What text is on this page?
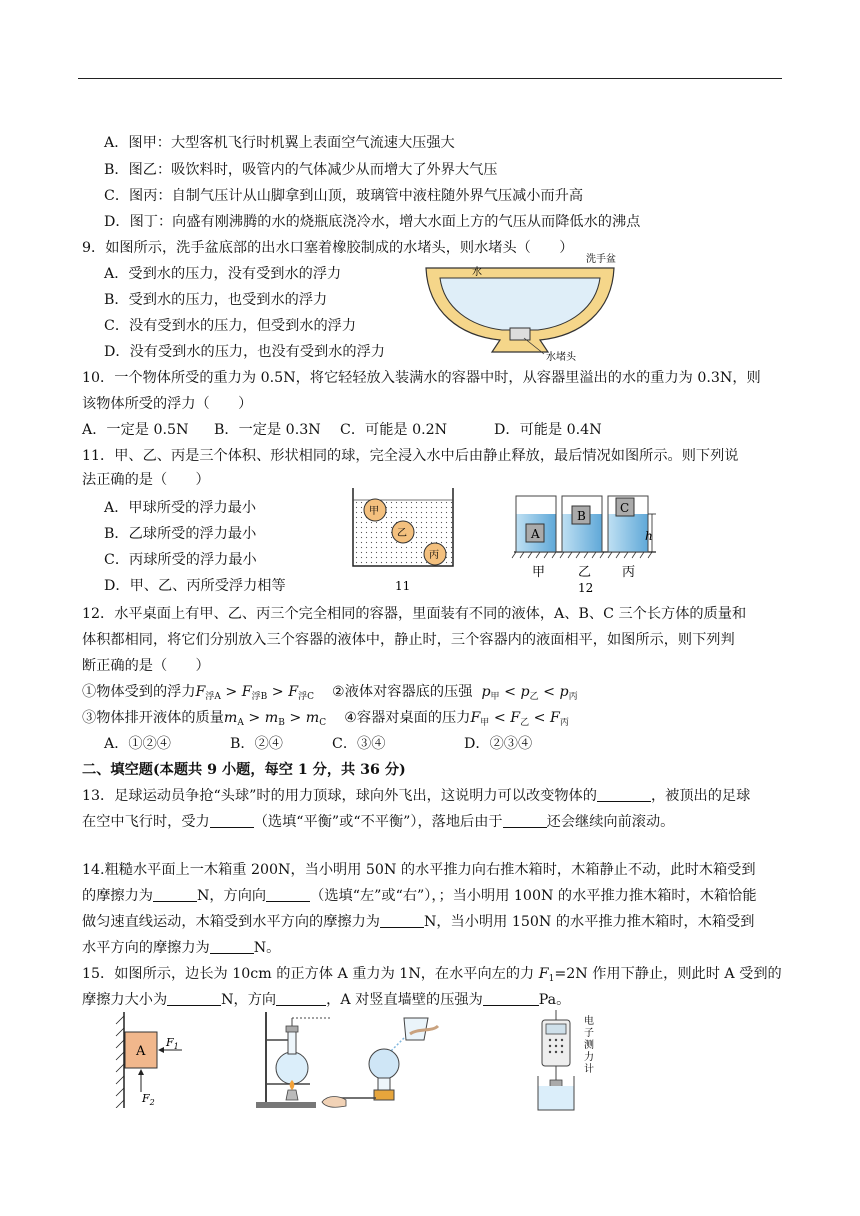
A．图甲：大型客机飞行时机翼上表面空气流速大压强大
B．图乙：吸饮料时，吸管内的气体减少从而增大了外界大气压
C．图丙：自制气压计从山脚拿到山顶，玻璃管中液柱随外界气压减小而升高
D．图丁：向盛有刚沸腾的水的烧瓶底浇冷水，增大水面上方的气压从而降低水的沸点
9．如图所示，洗手盆底部的出水口塞着橡胶制成的水堵头，则水堵头（　　）
A．受到水的压力，没有受到水的浮力
B．受到水的压力，也受到水的浮力
C．没有受到水的压力，但受到水的浮力
D．没有受到水的压力，也没有受到水的浮力
洗手盆
水
水堵头
10．一个物体所受的重力为 0.5N，将它轻轻放入装满水的容器中时，从容器里溢出的水的重力为 0.3N，则
该物体所受的浮力（　　）
A．一定是 0.5N B．一定是 0.3N C．可能是 0.2N	D．可能是 0.4N
11．甲、乙、丙是三个体积、形状相同的球，完全浸入水中后由静止释放，最后情况如图所示。则下列说
法正确的是（　　）
A．甲球所受的浮力最小
B．乙球所受的浮力最小
C．丙球所受的浮力最小
D．甲、乙、丙所受浮力相等
甲
乙
丙
11
A
B
C
h
甲	乙 丙
12
12．水平桌面上有甲、乙、丙三个完全相同的容器，里面装有不同的液体，A、B、C 三个长方体的质量和
体积都相同，将它们分别放入三个容器的液体中，静止时，三个容器内的液面相平，如图所示，则下列判
断正确的是（　　）
①物体受到的浮力$F_{浮A} > F_{浮B} > F_{浮C}$ ②液体对容器底的压强 $p_甲 < p_乙 < p_丙$
③物体排开液体的质量$m_A > m_B > m_C$ ④容器对桌面的压力$F_甲 < F_乙 < F_丙$
A．①②④	B．②④	C．③④	D．②③④
二、填空题(本题共 9 小题，每空 1 分，共 36 分)
13．足球运动员争抢“头球”时的用力顶球，球向外飞出，这说明力可以改变物体的	，被顶出的足球
在空中飞行时，受力	（选填“平衡”或“不平衡”），落地后由于	还会继续向前滚动。
14.粗糙水平面上一木箱重 200N，当小明用 50N 的水平推力向右推木箱时，木箱静止不动，此时木箱受到
的摩擦力为	N，方向向	（选填“左”或“右”），；当小明用 100N 的水平推力推木箱时，木箱恰能
做匀速直线运动，木箱受到水平方向的摩擦力为	N，当小明用 150N 的水平推力推木箱时，木箱受到
水平方向的摩擦力为	N。
15．如图所示，边长为 10cm 的正方体 A 重力为 1N，在水平向左的力 $F_1=2N$ 作用下静止，则此时 A 受到的
摩擦力大小为	N，方向	，A 对竖直墙壁的压强为	Pa。
A
$F_1$
$F_2$
电
子
测
力
计
